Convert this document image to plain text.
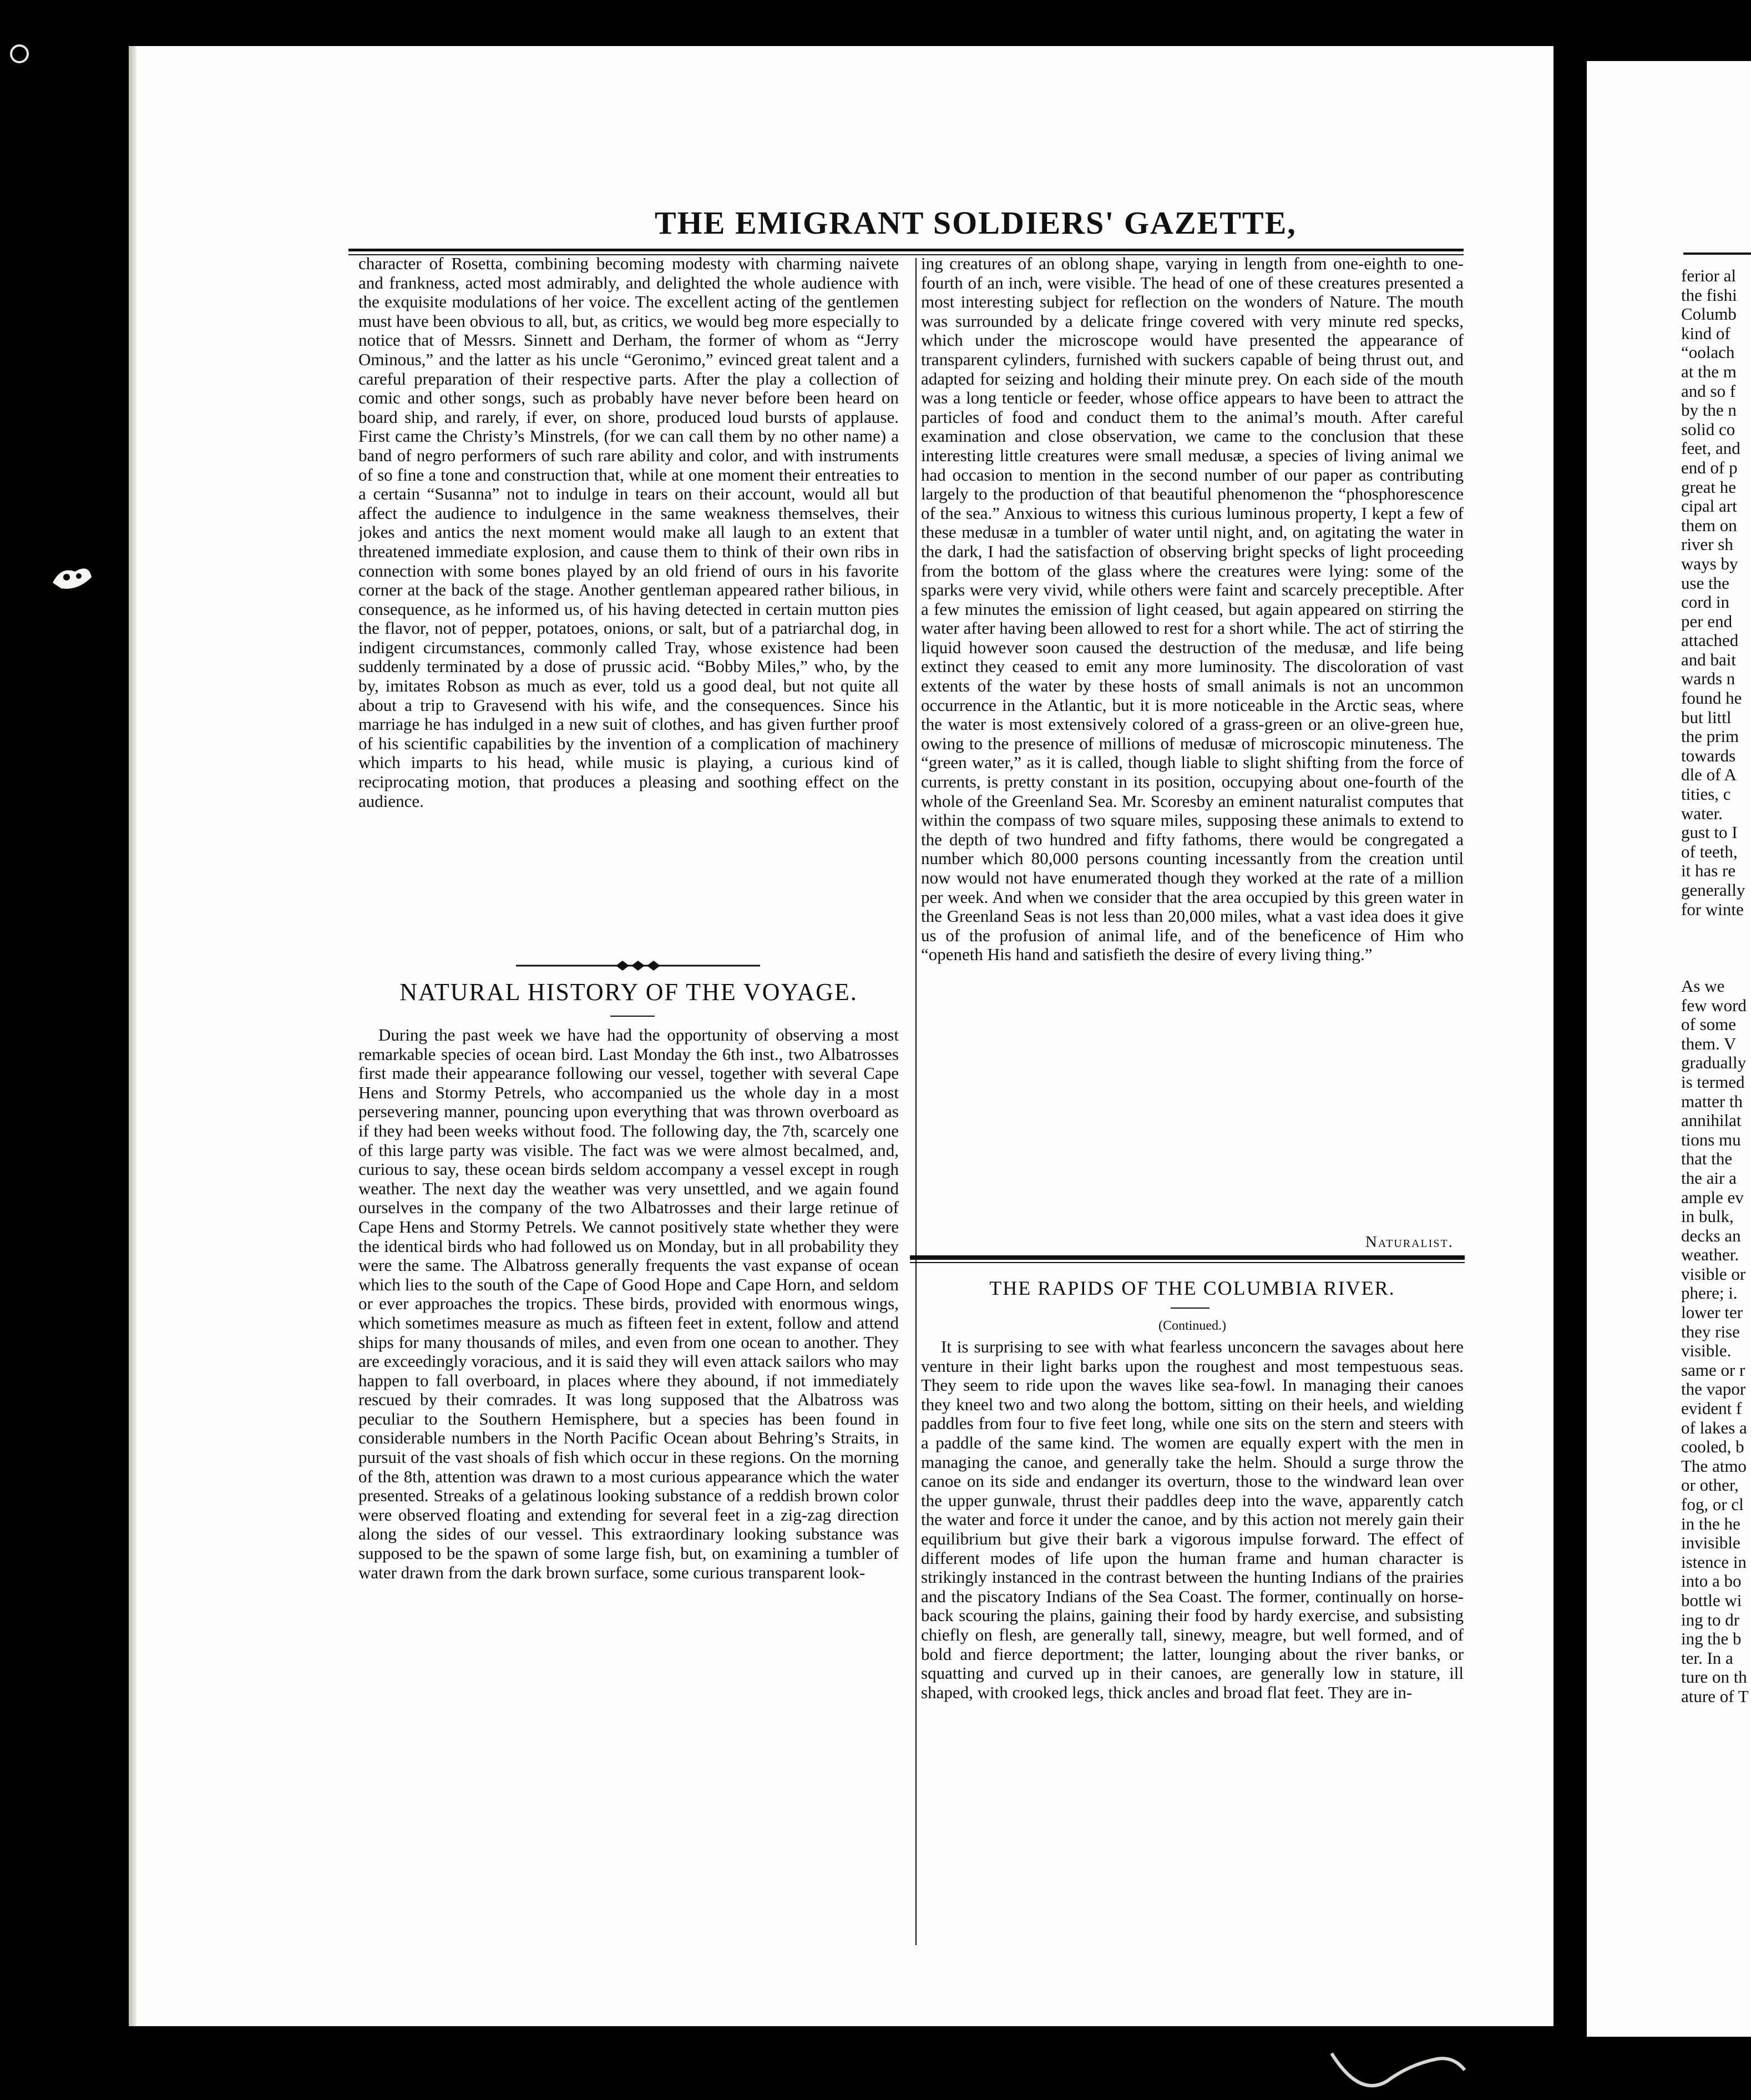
THE EMIGRANT SOLDIERS' GAZETTE,

character of Rosetta, combining becoming modesty with charming naivete and frankness, acted most admirably, and delighted the whole audience with the exquisite modulations of her voice. The excellent acting of the gentlemen must have been obvious to all, but, as critics, we would beg more especially to notice that of Messrs. Sinnett and Derham, the former of whom as “Jerry Ominous,” and the latter as his uncle “Geronimo,” evinced great talent and a careful preparation of their respective parts. After the play a collection of comic and other songs, such as probably have never before been heard on board ship, and rarely, if ever, on shore, produced loud bursts of applause. First came the Christy’s Minstrels, (for we can call them by no other name) a band of negro performers of such rare ability and color, and with instruments of so fine a tone and construction that, while at one moment their entreaties to a certain “Susanna” not to indulge in tears on their account, would all but affect the audience to indulgence in the same weakness themselves, their jokes and antics the next moment would make all laugh to an extent that threatened immediate explosion, and cause them to think of their own ribs in connection with some bones played by an old friend of ours in his favorite corner at the back of the stage. Another gentleman appeared rather bilious, in consequence, as he informed us, of his having detected in certain mutton pies the flavor, not of pepper, potatoes, onions, or salt, but of a patriarchal dog, in indigent circumstances, commonly called Tray, whose existence had been suddenly terminated by a dose of prussic acid. “Bobby Miles,” who, by the by, imitates Robson as much as ever, told us a good deal, but not quite all about a trip to Gravesend with his wife, and the consequences. Since his marriage he has indulged in a new suit of clothes, and has given further proof of his scientific capabilities by the invention of a complication of machinery which imparts to his head, while music is playing, a curious kind of reciprocating motion, that produces a pleasing and soothing effect on the audience.

NATURAL HISTORY OF THE VOYAGE.

During the past week we have had the opportunity of observing a most remarkable species of ocean bird. Last Monday the 6th inst., two Albatrosses first made their appearance following our vessel, together with several Cape Hens and Stormy Petrels, who accompanied us the whole day in a most persevering manner, pouncing upon everything that was thrown overboard as if they had been weeks without food. The following day, the 7th, scarcely one of this large party was visible. The fact was we were almost becalmed, and, curious to say, these ocean birds seldom accompany a vessel except in rough weather. The next day the weather was very unsettled, and we again found ourselves in the company of the two Albatrosses and their large retinue of Cape Hens and Stormy Petrels. We cannot positively state whether they were the identical birds who had followed us on Monday, but in all probability they were the same. The Albatross generally frequents the vast expanse of ocean which lies to the south of the Cape of Good Hope and Cape Horn, and seldom or ever approaches the tropics. These birds, provided with enormous wings, which sometimes measure as much as fifteen feet in extent, follow and attend ships for many thousands of miles, and even from one ocean to another. They are exceedingly voracious, and it is said they will even attack sailors who may happen to fall overboard, in places where they abound, if not immediately rescued by their comrades. It was long supposed that the Albatross was peculiar to the Southern Hemisphere, but a species has been found in considerable numbers in the North Pacific Ocean about Behring’s Straits, in pursuit of the vast shoals of fish which occur in these regions. On the morning of the 8th, attention was drawn to a most curious appearance which the water presented. Streaks of a gelatinous looking substance of a reddish brown color were observed floating and extending for several feet in a zig-zag direction along the sides of our vessel. This extraordinary looking substance was supposed to be the spawn of some large fish, but, on examining a tumbler of water drawn from the dark brown surface, some curious transparent look-

ing creatures of an oblong shape, varying in length from one-eighth to one-fourth of an inch, were visible. The head of one of these creatures presented a most interesting subject for reflection on the wonders of Nature. The mouth was surrounded by a delicate fringe covered with very minute red specks, which under the microscope would have presented the appearance of transparent cylinders, furnished with suckers capable of being thrust out, and adapted for seizing and holding their minute prey. On each side of the mouth was a long tenticle or feeder, whose office appears to have been to attract the particles of food and conduct them to the animal’s mouth. After careful examination and close observation, we came to the conclusion that these interesting little creatures were small medusæ, a species of living animal we had occasion to mention in the second number of our paper as contributing largely to the production of that beautiful phenomenon the “phosphorescence of the sea.” Anxious to witness this curious luminous property, I kept a few of these medusæ in a tumbler of water until night, and, on agitating the water in the dark, I had the satisfaction of observing bright specks of light proceeding from the bottom of the glass where the creatures were lying: some of the sparks were very vivid, while others were faint and scarcely preceptible. After a few minutes the emission of light ceased, but again appeared on stirring the water after having been allowed to rest for a short while. The act of stirring the liquid however soon caused the destruction of the medusæ, and life being extinct they ceased to emit any more luminosity. The discoloration of vast extents of the water by these hosts of small animals is not an uncommon occurrence in the Atlantic, but it is more noticeable in the Arctic seas, where the water is most extensively colored of a grass-green or an olive-green hue, owing to the presence of millions of medusæ of microscopic minuteness. The “green water,” as it is called, though liable to slight shifting from the force of currents, is pretty constant in its position, occupying about one-fourth of the whole of the Greenland Sea. Mr. Scoresby an eminent naturalist computes that within the compass of two square miles, supposing these animals to extend to the depth of two hundred and fifty fathoms, there would be congregated a number which 80,000 persons counting incessantly from the creation until now would not have enumerated though they worked at the rate of a million per week. And when we consider that the area occupied by this green water in the Greenland Seas is not less than 20,000 miles, what a vast idea does it give us of the profusion of animal life, and of the beneficence of Him who “openeth His hand and satisfieth the desire of every living thing.”

Naturalist.
THE RAPIDS OF THE COLUMBIA RIVER.
(Continued.)

It is surprising to see with what fearless unconcern the savages about here venture in their light barks upon the roughest and most tempestuous seas. They seem to ride upon the waves like sea-fowl. In managing their canoes they kneel two and two along the bottom, sitting on their heels, and wielding paddles from four to five feet long, while one sits on the stern and steers with a paddle of the same kind. The women are equally expert with the men in managing the canoe, and generally take the helm. Should a surge throw the canoe on its side and endanger its overturn, those to the windward lean over the upper gunwale, thrust their paddles deep into the wave, apparently catch the water and force it under the canoe, and by this action not merely gain their equilibrium but give their bark a vigorous impulse forward. The effect of different modes of life upon the human frame and human character is strikingly instanced in the contrast between the hunting Indians of the prairies and the piscatory Indians of the Sea Coast. The former, continually on horse-back scouring the plains, gaining their food by hardy exercise, and subsisting chiefly on flesh, are generally tall, sinewy, meagre, but well formed, and of bold and fierce deportment; the latter, lounging about the river banks, or squatting and curved up in their canoes, are generally low in stature, ill shaped, with crooked legs, thick ancles and broad flat feet. They are in-

ferior al
the fishi
Columb
kind of
“oolach
at the m
and so f
by the n
solid co
feet, and
end of p
great he
cipal art
them on
river sh
ways by
use the
cord in
per end
attached
and bait
wards n
found he
but littl
the prim
towards
dle of A
tities, c
water.
gust to I
of teeth,
it has re
generally
for winte
As we
few word
of some
them. V
gradually
is termed
matter th
annihilat
tions mu
that the
the air a
ample ev
in bulk,
decks an
weather.
visible or
phere; i.
lower ter
they rise
visible.
same or r
the vapor
evident f
of lakes a
cooled, b
The atmo
or other,
fog, or cl
in the he
invisible
istence in
into a bo
bottle wi
ing to dr
ing the b
ter. In a
ture on th
ature of T
